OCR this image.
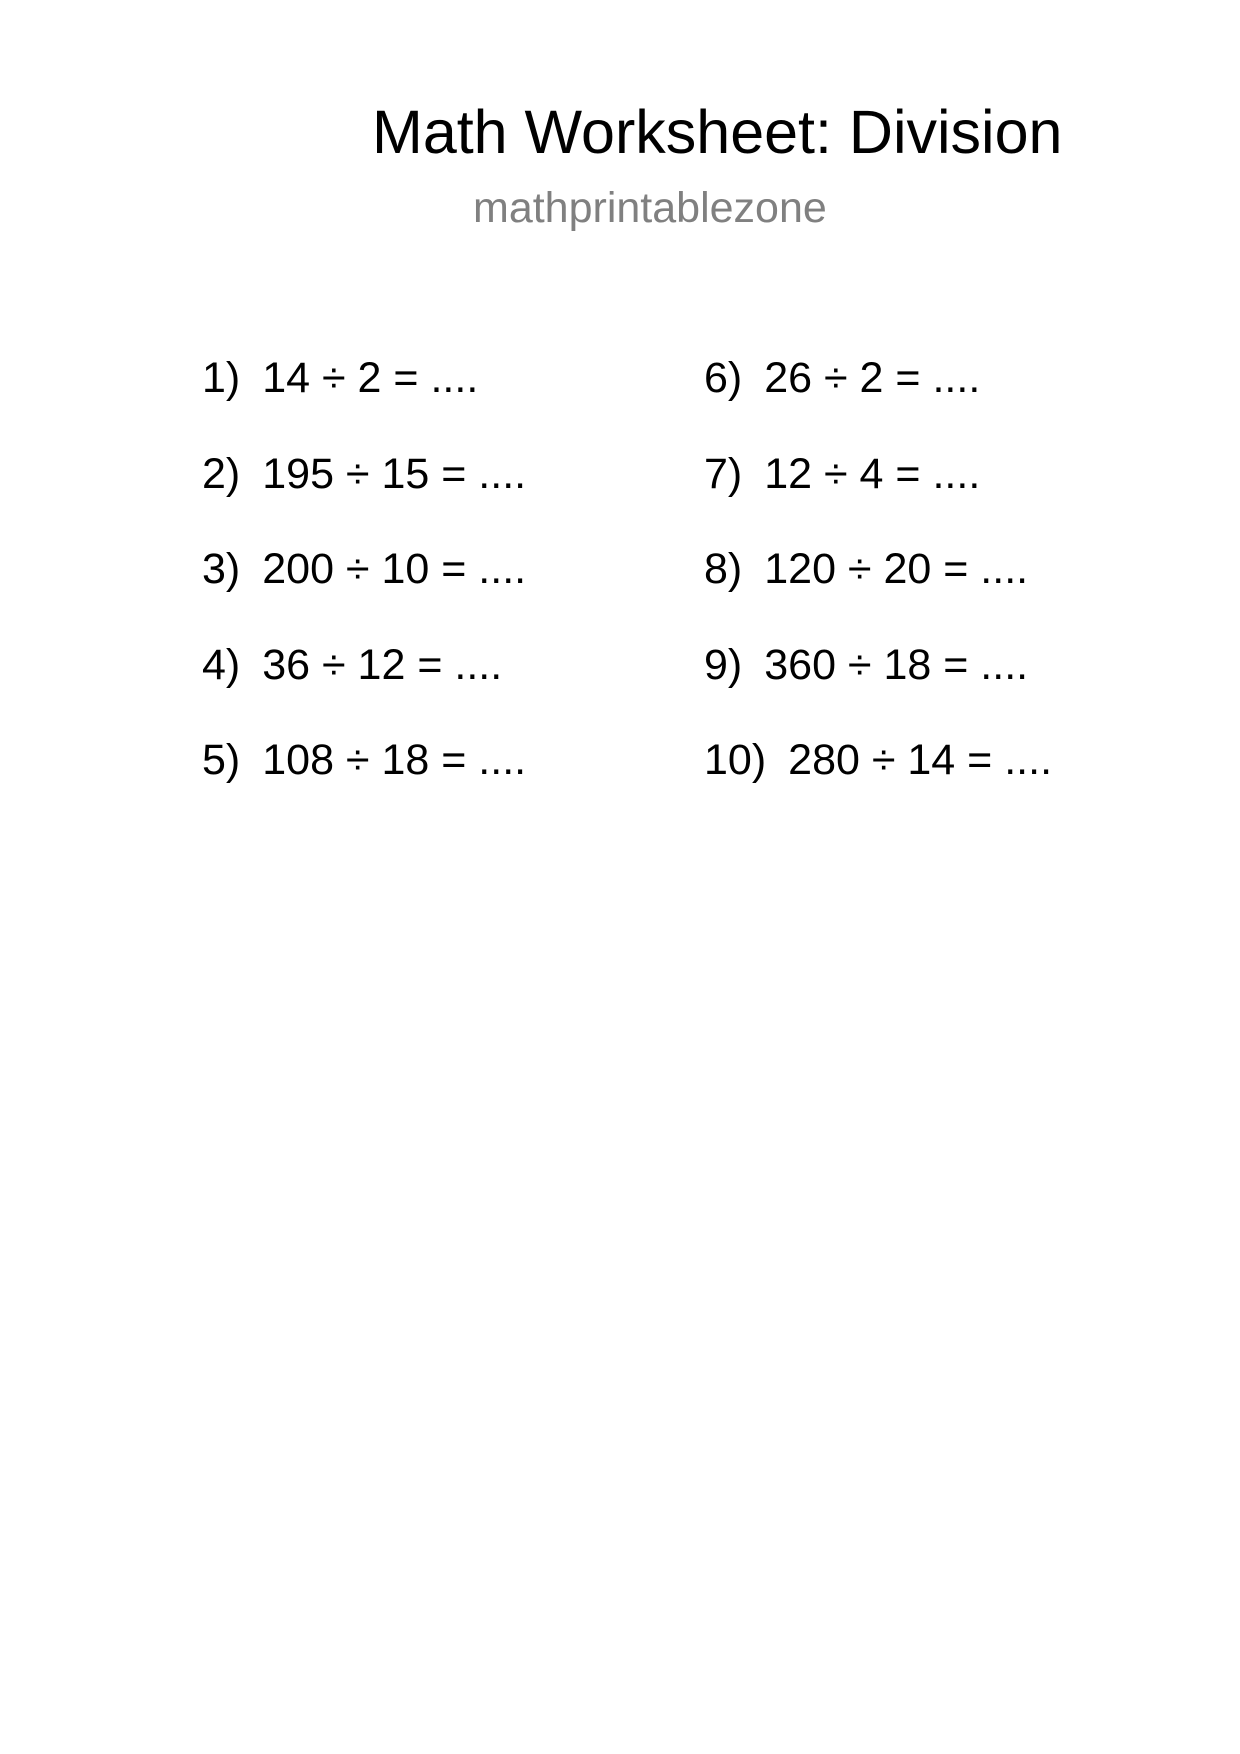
Math Worksheet: Division
mathprintablezone
1) 14 ÷ 2 = ....
2) 195 ÷ 15 = ....
3) 200 ÷ 10 = ....
4) 36 ÷ 12 = ....
5) 108 ÷ 18 = ....
6) 26 ÷ 2 = ....
7) 12 ÷ 4 = ....
8) 120 ÷ 20 = ....
9) 360 ÷ 18 = ....
10) 280 ÷ 14 = ....
